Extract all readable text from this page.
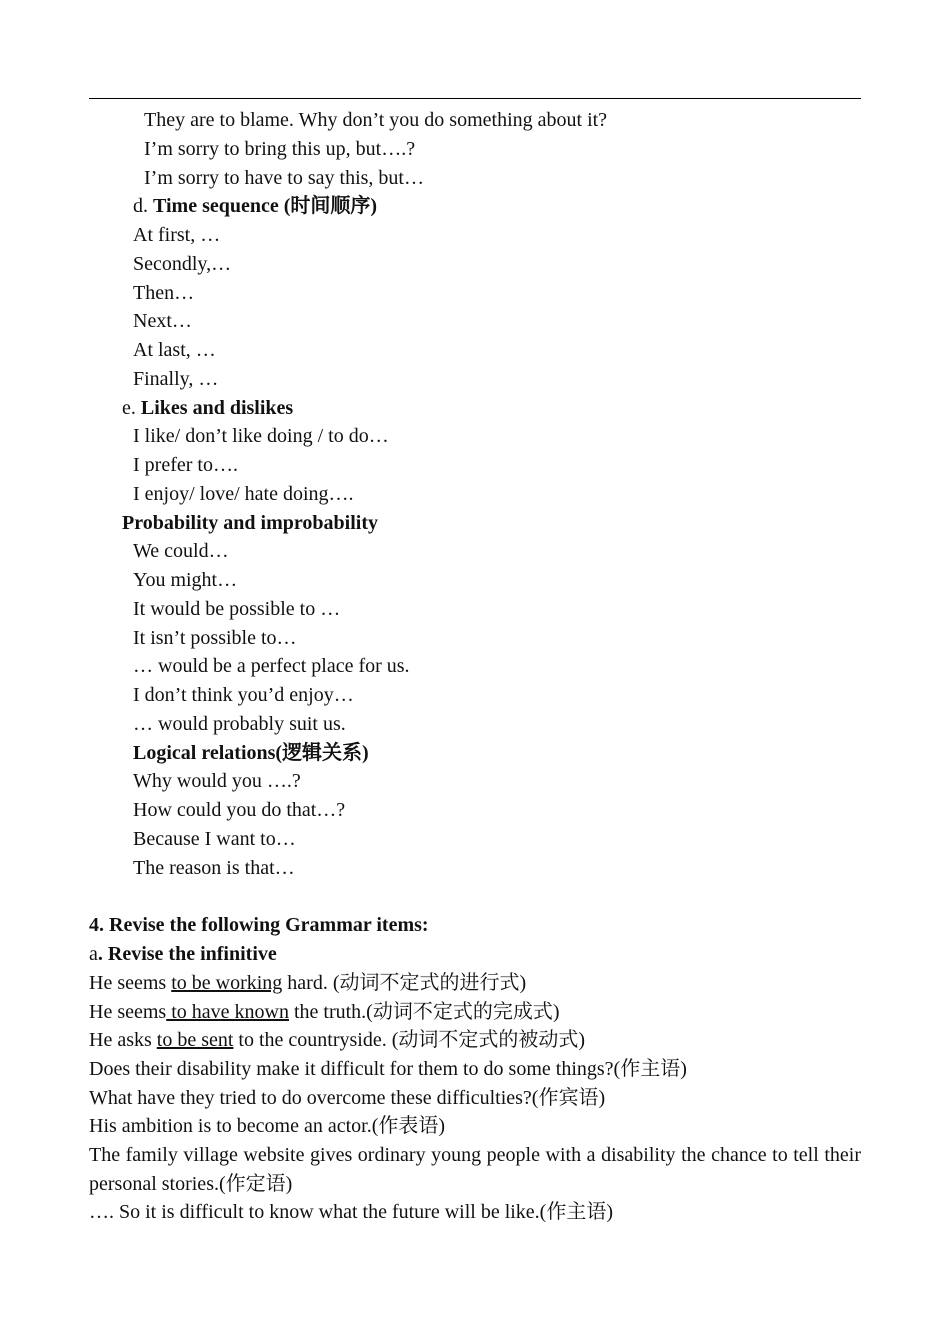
They are to blame. Why don’t you do something about it?
I’m sorry to bring this up, but….?
I’m sorry to have to say this, but…
d. Time sequence (时间顺序)
At first, …
Secondly,…
Then…
Next…
At last, …
Finally, …
e. Likes and dislikes
I like/ don’t like doing / to do…
I prefer to….
I enjoy/ love/ hate doing….
Probability and improbability
We could…
You might…
It would be possible to …
It isn’t possible to…
… would be a perfect place for us.
I don’t think you’d enjoy…
… would probably suit us.
Logical relations(逻辑关系)
Why would you ….?
How could you do that…?
Because I want to…
The reason is that…
4. Revise the following Grammar items:
a. Revise the infinitive
He seems to be working hard. (动词不定式的进行式)
He seems to have known the truth.(动词不定式的完成式)
He asks to be sent to the countryside. (动词不定式的被动式)
Does their disability make it difficult for them to do some things?(作主语)
What have they tried to do overcome these difficulties?(作宾语)
His ambition is to become an actor.(作表语)
The family village website gives ordinary young people with a disability the chance to tell their personal stories.(作定语)
…. So it is difficult to know what the future will be like.(作主语)
